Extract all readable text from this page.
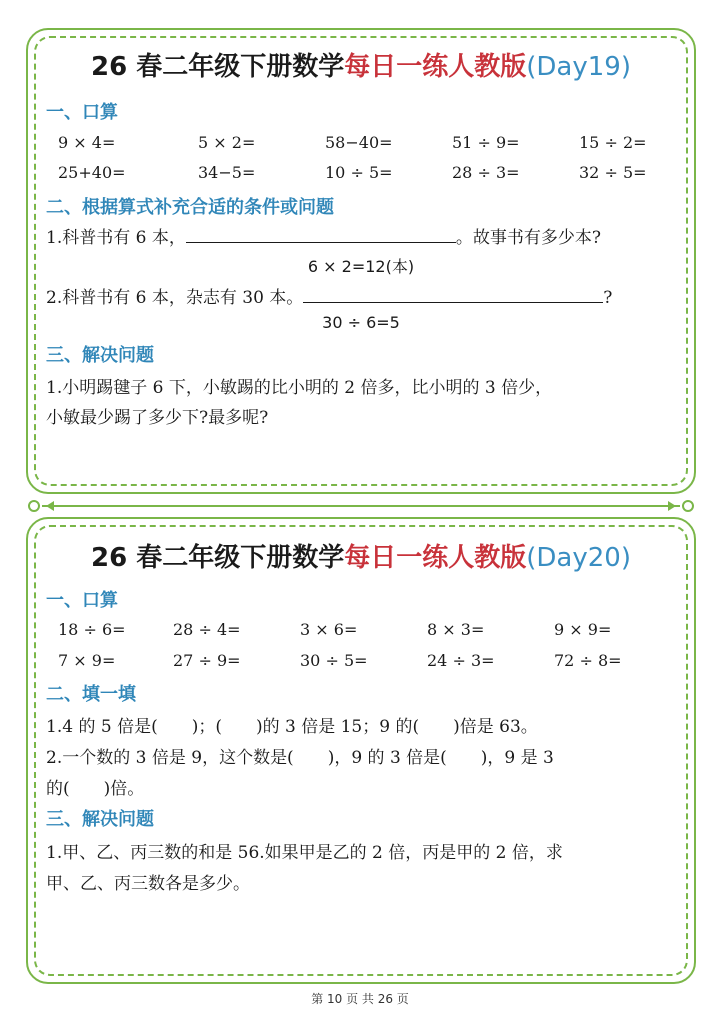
26 春二年级下册数学每日一练人教版(Day19)
一、口算
9 × 4=	5 × 2=	58−40=	51 ÷ 9=	15 ÷ 2=
25+40=	34−5=	10 ÷ 5=	28 ÷ 3=	32 ÷ 5=
二、根据算式补充合适的条件或问题
1.科普书有 6 本，	。故事书有多少本?
6 × 2=12(本)
2.科普书有 6 本，杂志有 30 本。	?
30 ÷ 6=5
三、解决问题
1.小明踢毽子 6 下，小敏踢的比小明的 2 倍多，比小明的 3 倍少，
小敏最少踢了多少下?最多呢?
26 春二年级下册数学每日一练人教版(Day20)
一、口算
18 ÷ 6=	28 ÷ 4=	3 × 6=	8 × 3=	9 × 9=
7 × 9=	27 ÷ 9=	30 ÷ 5=	24 ÷ 3=	72 ÷ 8=
二、填一填
1.4 的 5 倍是(　　)；(　　)的 3 倍是 15；9 的(　　)倍是 63。
2.一个数的 3 倍是 9，这个数是(　　)，9 的 3 倍是(　　)，9 是 3
的(　　)倍。
三、解决问题
1.甲、乙、丙三数的和是 56.如果甲是乙的 2 倍，丙是甲的 2 倍，求
甲、乙、丙三数各是多少。
第 10 页 共 26 页
